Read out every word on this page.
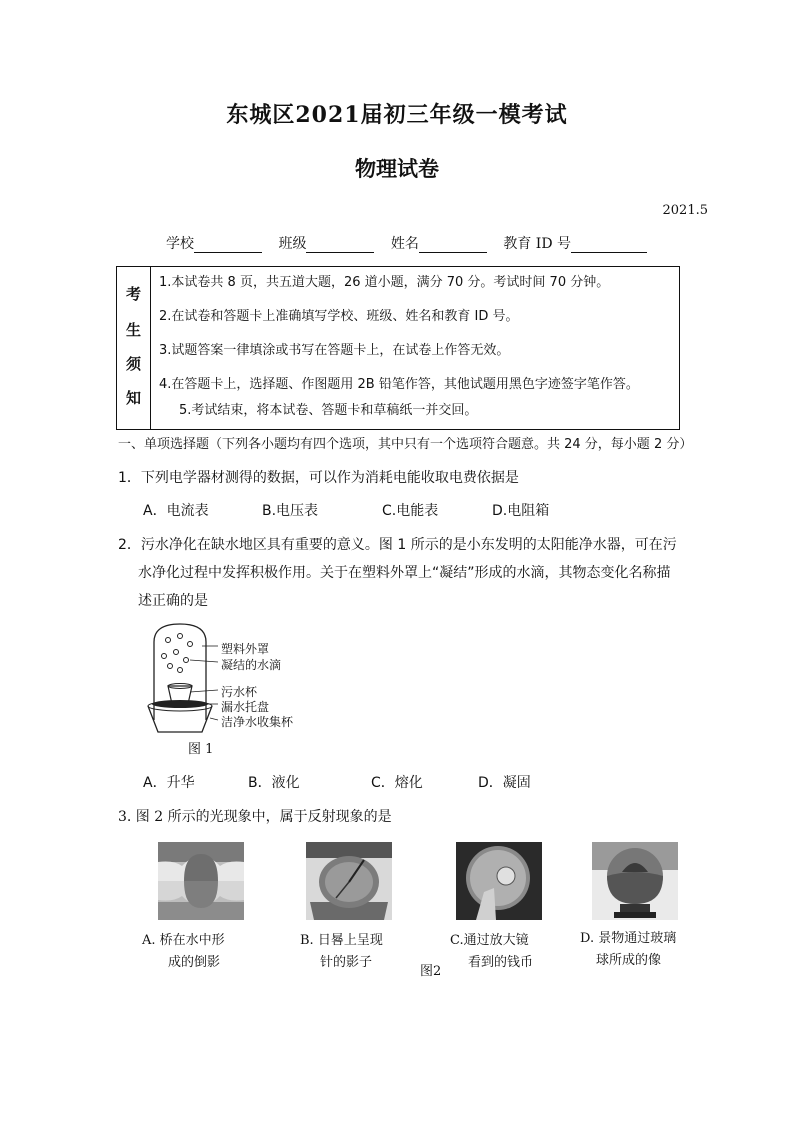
东城区2021届初三年级一模考试
物理试卷
2021.5
学校	班级	姓名	教育 ID 号
考
生
须
知
1.本试卷共 8 页，共五道大题，26 道小题，满分 70 分。考试时间 70 分钟。
2.在试卷和答题卡上准确填写学校、班级、姓名和教育 ID 号。
3.试题答案一律填涂或书写在答题卡上，在试卷上作答无效。
4.在答题卡上，选择题、作图题用 2B 铅笔作答，其他试题用黑色字迹签字笔作答。
5.考试结束，将本试卷、答题卡和草稿纸一并交回。
一、单项选择题（下列各小题均有四个选项，其中只有一个选项符合题意。共 24 分，每小题 2 分）
1．下列电学器材测得的数据，可以作为消耗电能收取电费依据是
A．电流表	B.电压表	C.电能表	D.电阻箱
2．污水净化在缺水地区具有重要的意义。图 1 所示的是小东发明的太阳能净水器，可在污
水净化过程中发挥积极作用。关于在塑料外罩上“凝结”形成的水滴，其物态变化名称描
述正确的是
塑料外罩
凝结的水滴
污水杯
漏水托盘
洁净水收集杯
图 1
A．升华	B．液化	C．熔化	D．凝固
3. 图 2 所示的光现象中，属于反射现象的是
A. 桥在水中形
成的倒影
B. 日晷上呈现
针的影子
C.通过放大镜
看到的钱币
D. 景物通过玻璃
球所成的像
图2
